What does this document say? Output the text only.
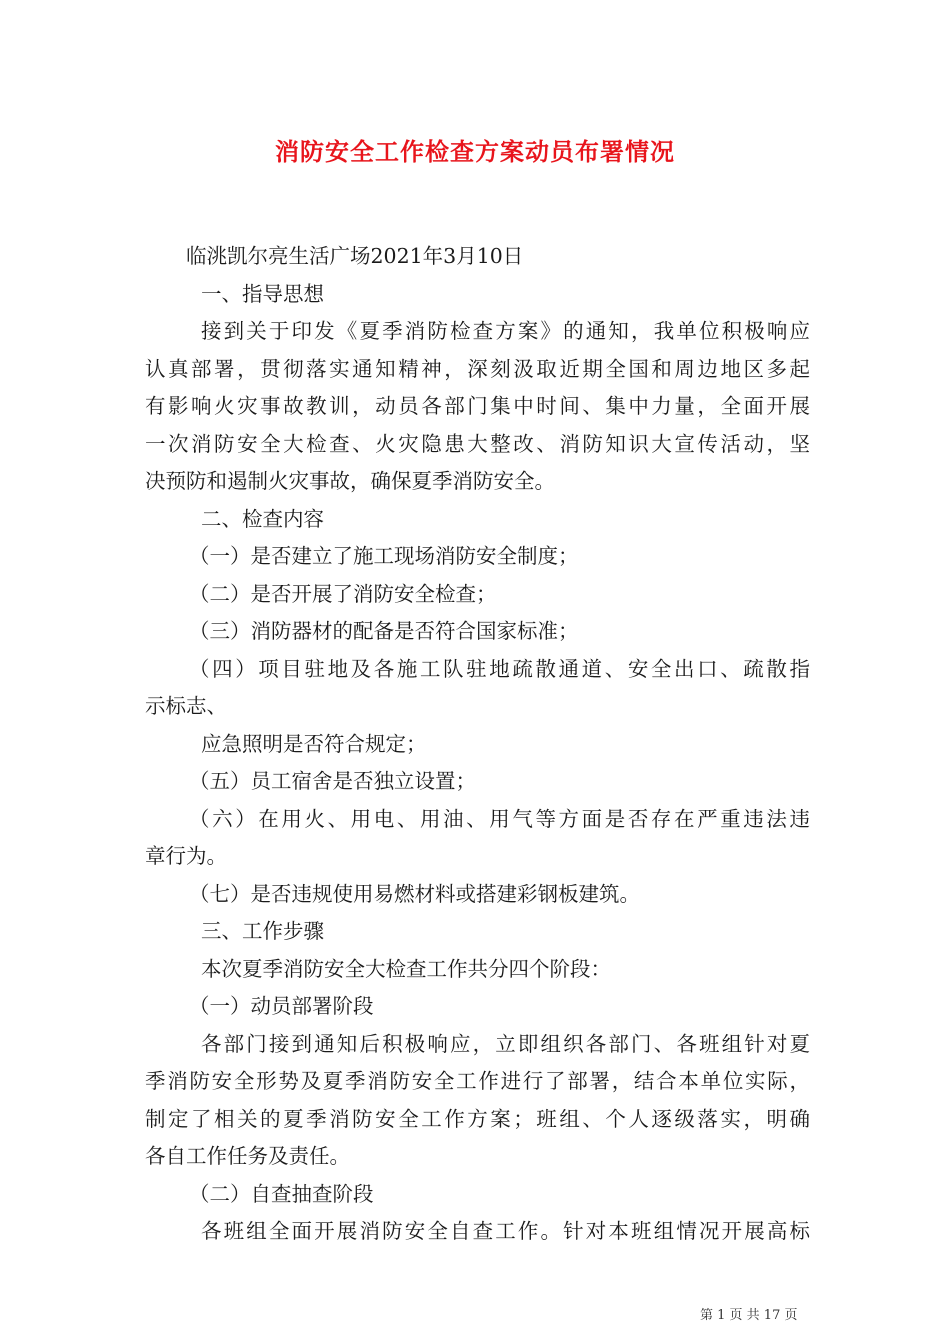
消防安全工作检查方案动员布署情况

临洮凯尔亮生活广场2021年3月10日

一、指导思想

接到关于印发《夏季消防检查方案》的通知，我单位积极响应

认真部署，贯彻落实通知精神，深刻汲取近期全国和周边地区多起

有影响火灾事故教训，动员各部门集中时间、集中力量，全面开展

一次消防安全大检查、火灾隐患大整改、消防知识大宣传活动，坚

决预防和遏制火灾事故，确保夏季消防安全。

二、检查内容

（一）是否建立了施工现场消防安全制度；

（二）是否开展了消防安全检查；

（三）消防器材的配备是否符合国家标准；

（四）项目驻地及各施工队驻地疏散通道、安全出口、疏散指

示标志、

应急照明是否符合规定；

（五）员工宿舍是否独立设置；

（六）在用火、用电、用油、用气等方面是否存在严重违法违

章行为。

（七）是否违规使用易燃材料或搭建彩钢板建筑。

三、工作步骤

本次夏季消防安全大检查工作共分四个阶段：

（一）动员部署阶段

各部门接到通知后积极响应，立即组织各部门、各班组针对夏

季消防安全形势及夏季消防安全工作进行了部署，结合本单位实际，

制定了相关的夏季消防安全工作方案；班组、个人逐级落实，明确

各自工作任务及责任。

（二）自查抽查阶段

各班组全面开展消防安全自查工作。针对本班组情况开展高标

第 1 页 共 17 页
